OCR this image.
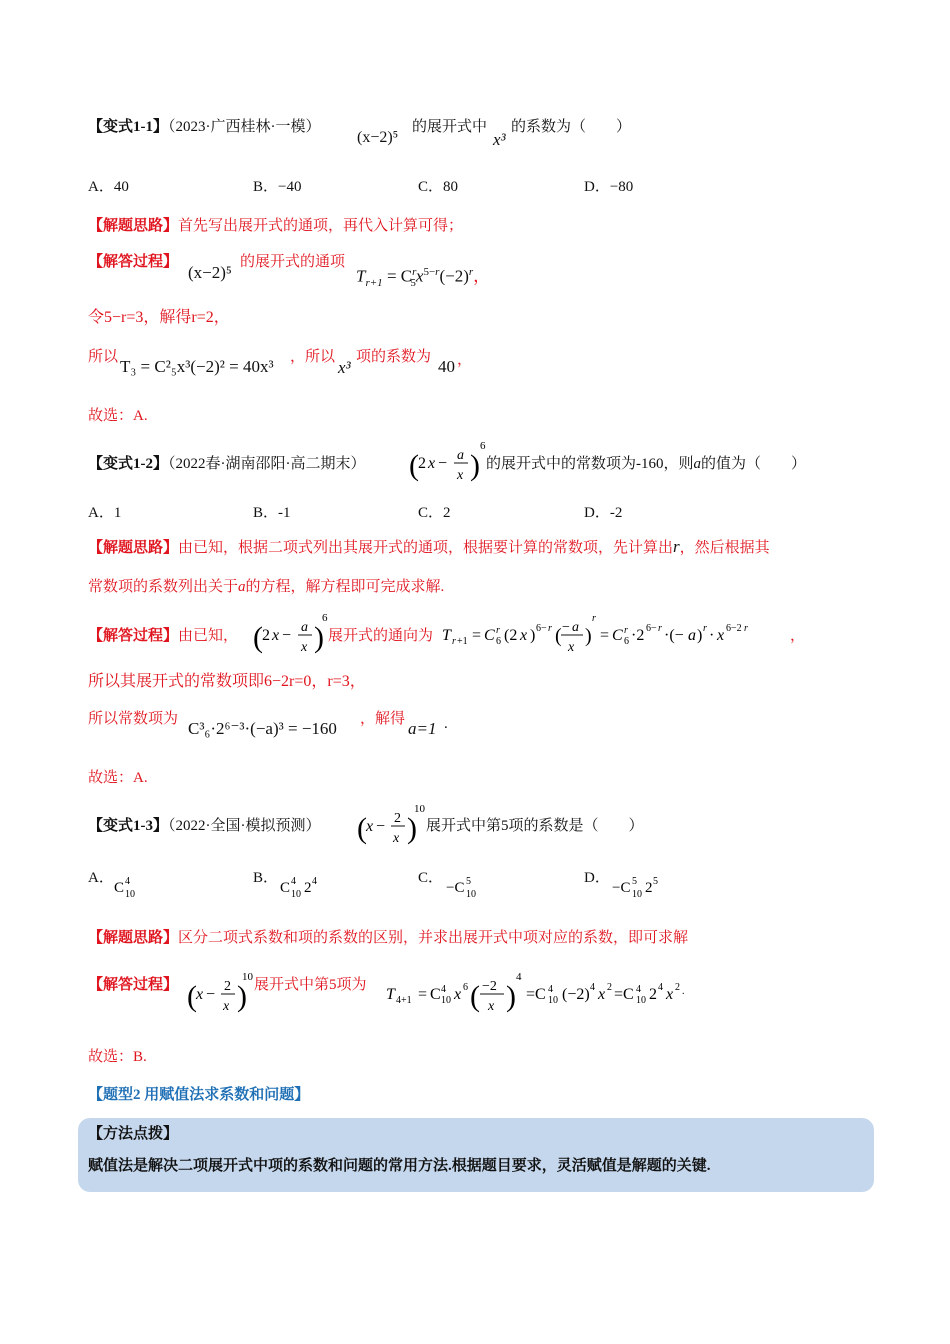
【变式1-1】（2023·广西桂林·一模）
(x−2)⁵
的展开式中
x³
的系数为（　　）
A．40	B．−40	C．80	D．−80
【解题思路】首先写出展开式的通项，再代入计算可得；
【解答过程】
(x−2)⁵
的展开式的通项
$T_{r+1} = C^r_5x^{5-r}(-2)^r$，
令5−r=3，解得r=2，
所以 T₃ = C²₅x³(−2)² = 40x³ ，所以
x³
项的系数为 40 ，
故选：A.
【变式1-2】（2022春·湖南邵阳·高二期末） ( 2 x − a
x )
6
的展开式中的常数项为-160，则a的值为（　　）
A．1	B．-1	C．2	D．-2
【解题思路】由已知，根据二项式列出其展开式的通项，根据要计算的常数项，先计算出r，然后根据其
常数项的系数列出关于a的方程，解方程即可完成求解.
【解答过程】由已知， ( 2 x − a
x )
6
展开式的通向为 T r +1 = C r
6 (2 x ) 6− r ( − a
x
)
r
= C r
6 ·2 6− r ·(− a ) r · x 6−2 r	，
所以其展开式的常数项即6−2r=0，r=3，
所以常数项为 C³₆·2⁶⁻³·(−a)³ = −160 ，解得 a=1 .
故选：A.
【变式1-3】（2022·全国·模拟预测） ( x − 2
x )
10
展开式中第5项的系数是（　　）
A．
C 4
10
B．
C 4
10 2 4	C．
−C 5
10
D．
−C 5
10 2 5
【解题思路】区分二项式系数和项的系数的区别，并求出展开式中项对应的系数，即可求解
【解答过程】 ( x − 2
x )
10 展开式中第5项为
T 4+1 = C 4
10 x 6 ( −2
x )
4
=C 4
10 (−2) 4 x 2 =C 4
10 2 4 x 2 .
故选：B.
【题型2 用赋值法求系数和问题】
【方法点拨】
赋值法是解决二项展开式中项的系数和问题的常用方法.根据题目要求，灵活赋值是解题的关键.
